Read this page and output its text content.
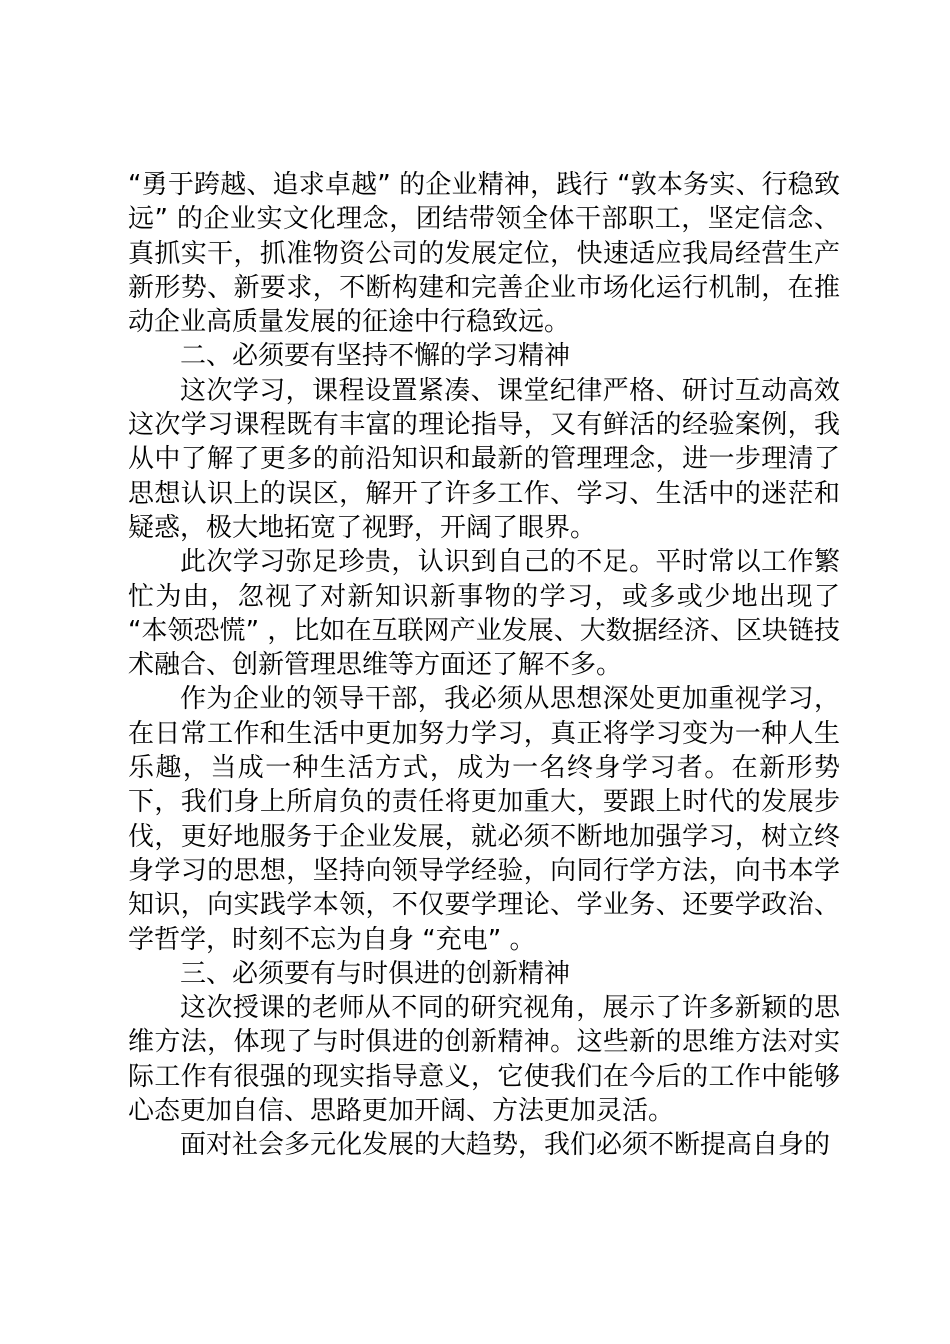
“勇于跨越、追求卓越” 的企业精神，践行 “敦本务实、行稳致远” 的企业实文化理念，团结带领全体干部职工，坚定信念、真抓实干，抓准物资公司的发展定位，快速适应我局经营生产新形势、新要求，不断构建和完善企业市场化运行机制，在推动企业高质量发展的征途中行稳致远。

二、必须要有坚持不懈的学习精神

这次学习，课程设置紧凑、课堂纪律严格、研讨互动高效这次学习课程既有丰富的理论指导，又有鲜活的经验案例，我从中了解了更多的前沿知识和最新的管理理念，进一步理清了思想认识上的误区，解开了许多工作、学习、生活中的迷茫和疑惑，极大地拓宽了视野，开阔了眼界。

此次学习弥足珍贵，认识到自己的不足。平时常以工作繁忙为由，忽视了对新知识新事物的学习，或多或少地出现了 “本领恐慌” ，比如在互联网产业发展、大数据经济、区块链技术融合、创新管理思维等方面还了解不多。

作为企业的领导干部，我必须从思想深处更加重视学习，在日常工作和生活中更加努力学习，真正将学习变为一种人生乐趣，当成一种生活方式，成为一名终身学习者。在新形势下，我们身上所肩负的责任将更加重大，要跟上时代的发展步伐，更好地服务于企业发展，就必须不断地加强学习，树立终身学习的思想，坚持向领导学经验，向同行学方法，向书本学知识，向实践学本领，不仅要学理论、学业务、还要学政治、学哲学，时刻不忘为自身 “充电” 。

三、必须要有与时俱进的创新精神

这次授课的老师从不同的研究视角，展示了许多新颖的思维方法，体现了与时俱进的创新精神。这些新的思维方法对实际工作有很强的现实指导意义，它使我们在今后的工作中能够心态更加自信、思路更加开阔、方法更加灵活。

面对社会多元化发展的大趋势，我们必须不断提高自身的
